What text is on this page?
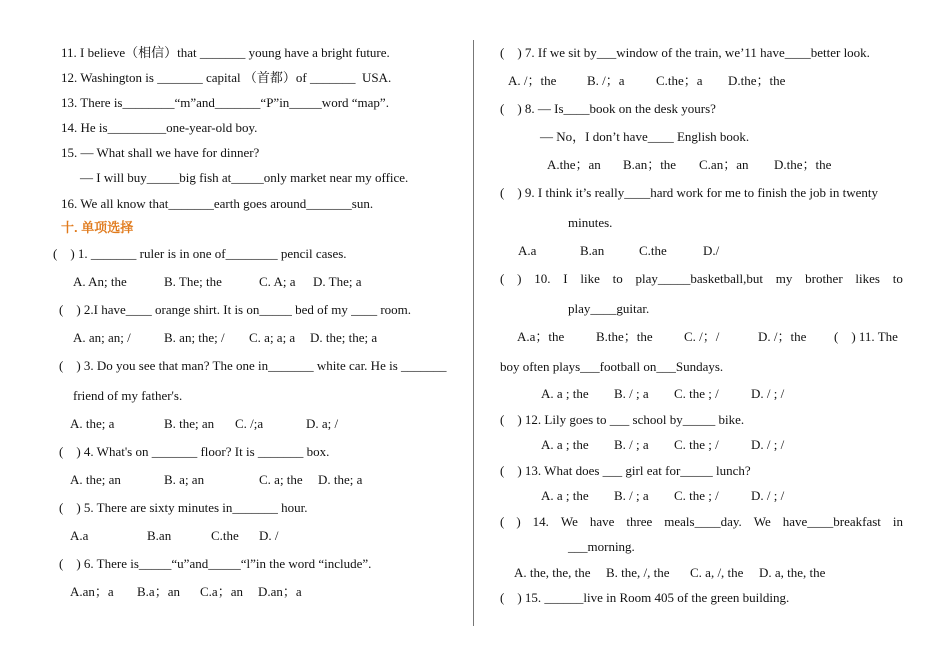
11. I believe（相信）that _______ young have a bright future.
12. Washington is _______ capital （首都）of _______  USA.
13. There is________“m”and_______“P”in_____word “map”.
14. He is_________one-year-old boy.
15. — What shall we have for dinner?
— I will buy_____big fish at_____only market near my office.
16. We all know that_______earth goes around_______sun.
十. 单项选择
(    ) 1. _______ ruler is in one of________ pencil cases.

A. An; the

	B. The; the

	C. A; a

D. The; a

(    ) 2.I have____ orange shirt. It is on_____ bed of my ____ room.

A. an; an; /

	B. an; the; /

C. a; a; a

D. the; the; a

(    ) 3. Do you see that man? The one in_______ white car. He is _______
friend of my father's.

A. the; a

	B. the; an

C. /;a

	D. a; /

(    ) 4. What's on _______ floor? It is _______ box.

A. the; an

	B. a; an

	C. a; the

D. the; a

(    ) 5. There are sixty minutes in_______ hour.

A.a

	B.an

	C.the

D. /

(    ) 6. There is_____“u”and_____“l”in the word “include”.

A.an；a

B.a；an

C.a；an

D.an；a

(    ) 7. If we sit by___window of the train, we’11 have____better look.

A. /；the

B. /；a

C.the；a

D.the；the

(    ) 8. — Is____book on the desk yours?
— No，I don’t have____ English book.

A.the；an

B.an；the

C.an；an

D.the；the

(    ) 9. I think it’s really____hard work for me to finish the job in twenty
minutes.

A.a

	B.an

	C.the

	D./

( ) 10. I like to play_____basketball,but my brother likes to
play____guitar.

A.a；the

B.the；the

C. /；/

	D. /；the (    ) 11. The
boy often plays___football on___Sundays.

A. a ; the

B. / ; a

C. the ; /

D. / ; /

(    ) 12. Lily goes to ___ school by_____ bike.

A. a ; the

B. / ; a

C. the ; /

D. / ; /

(    ) 13. What does ___ girl eat for_____ lunch?

A. a ; the

B. / ; a

C. the ; /

D. / ; /

( ) 14. We have three meals____day. We have____breakfast in
___morning.

A. the, the, the

B. the, /, the

C. a, /, the

D. a, the, the

(    ) 15. ______live in Room 405 of the green building.
